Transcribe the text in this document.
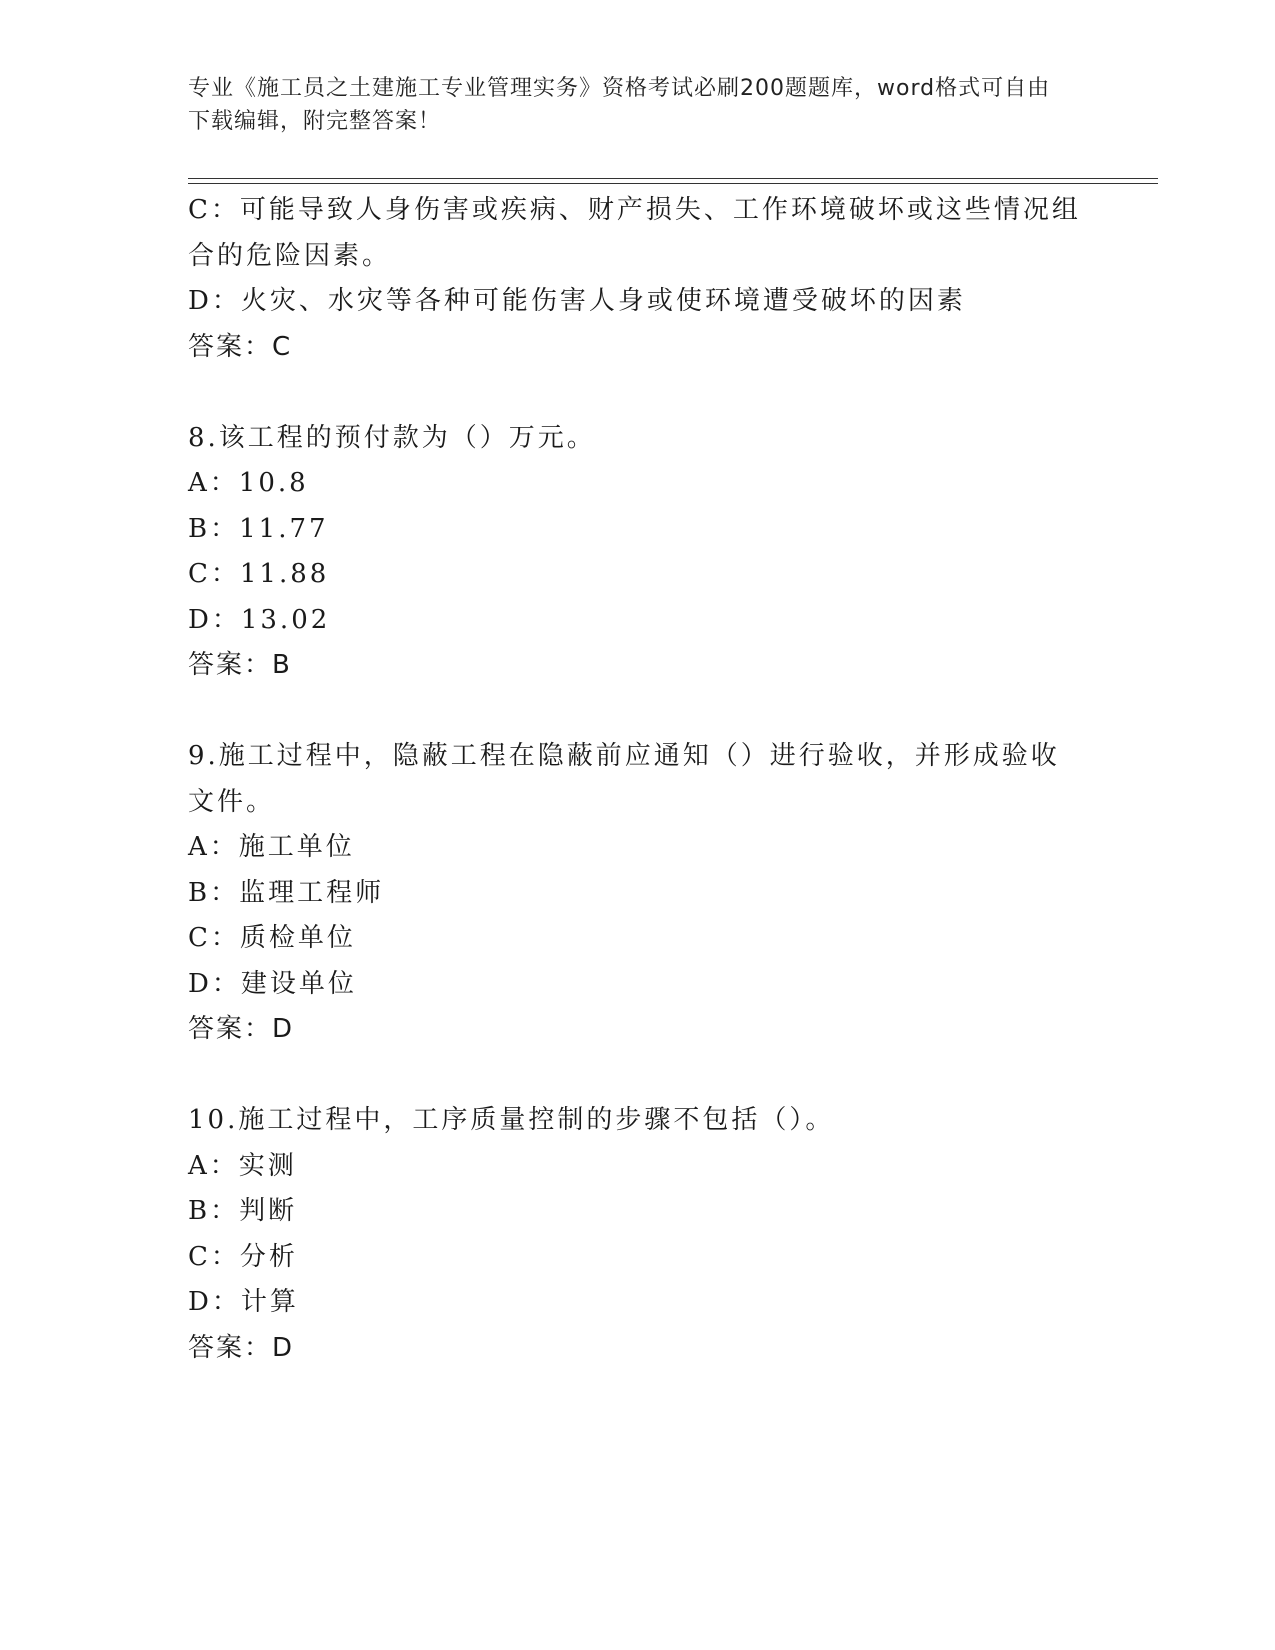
专业《施工员之土建施工专业管理实务》资格考试必刷200题题库，word格式可自由下载编辑，附完整答案！
C：可能导致人身伤害或疾病、财产损失、工作环境破坏或这些情况组合的危险因素。
D：火灾、水灾等各种可能伤害人身或使环境遭受破坏的因素
答案：C
8.该工程的预付款为（）万元。
A：10.8
B：11.77
C：11.88
D：13.02
答案：B
9.施工过程中，隐蔽工程在隐蔽前应通知（）进行验收，并形成验收文件。
A：施工单位
B：监理工程师
C：质检单位
D：建设单位
答案：D
10.施工过程中，工序质量控制的步骤不包括（）。
A：实测
B：判断
C：分析
D：计算
答案：D
